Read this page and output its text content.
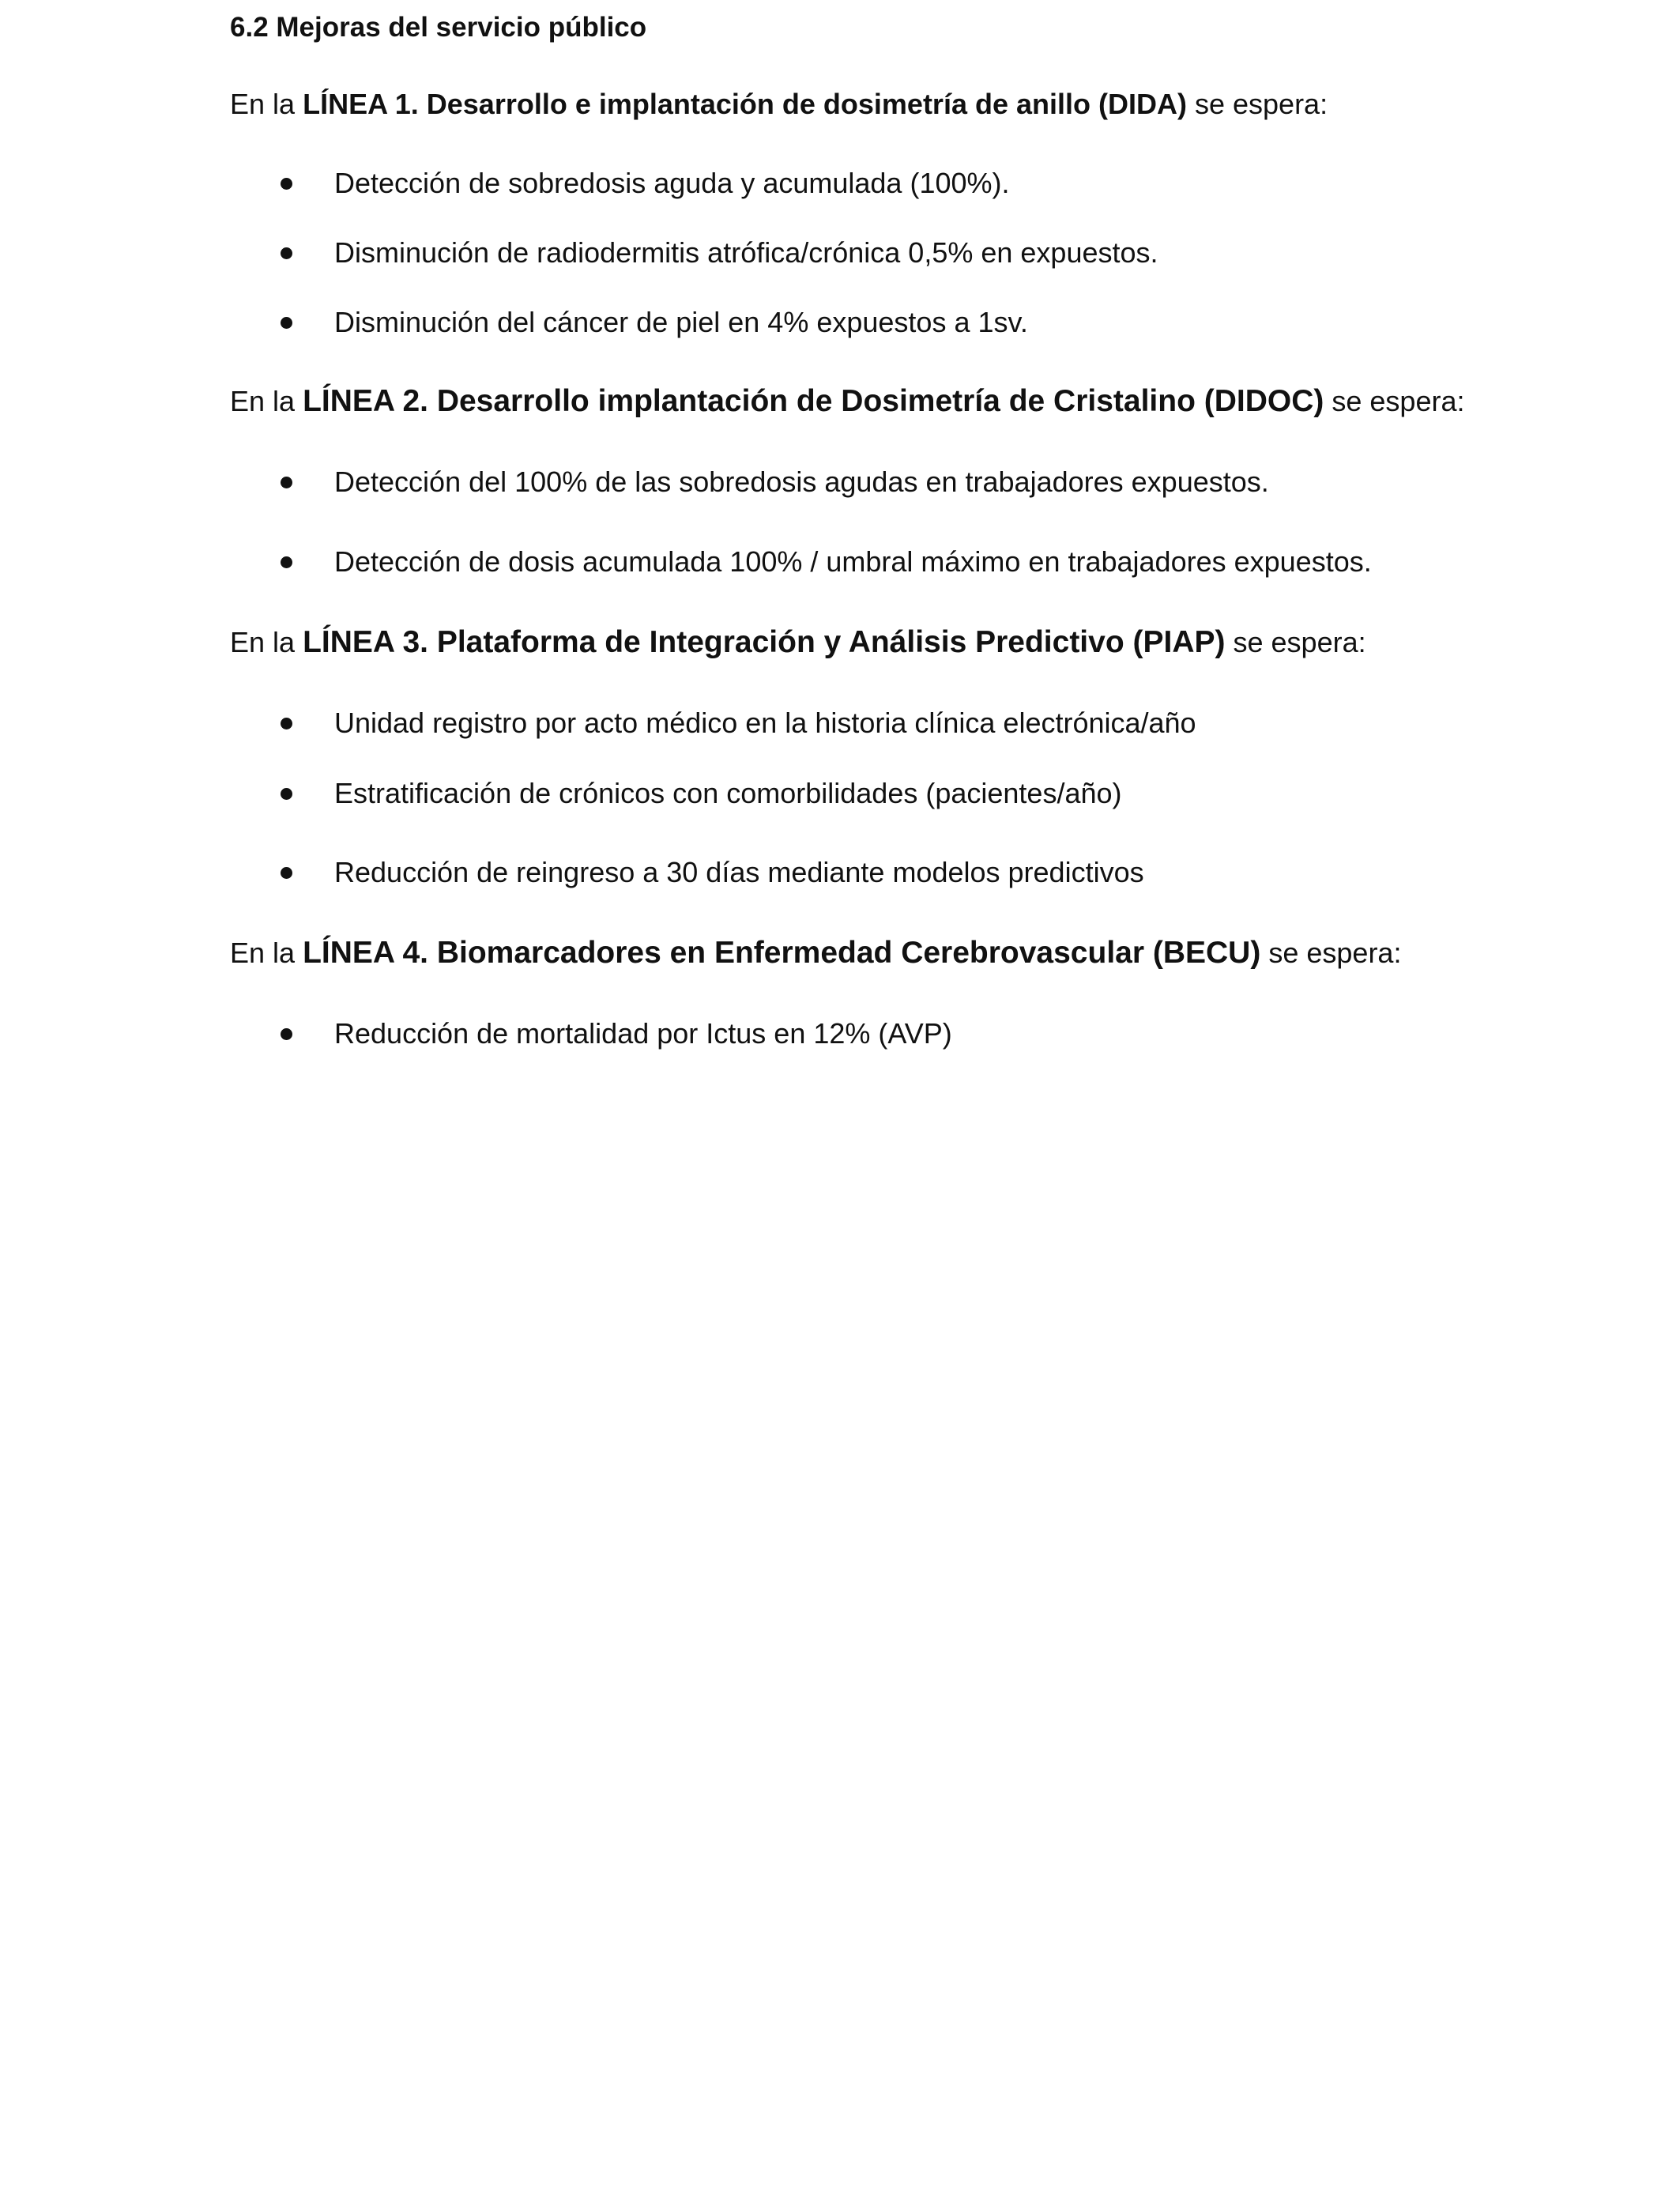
6.2 Mejoras del servicio público
En la LÍNEA 1. Desarrollo e implantación de dosimetría de anillo (DIDA) se espera:
Detección de sobredosis aguda y acumulada (100%).
Disminución de radiodermitis atrófica/crónica 0,5% en expuestos.
Disminución del cáncer de piel en 4% expuestos a 1sv.
En la LÍNEA 2. Desarrollo implantación de Dosimetría de Cristalino (DIDOC) se espera:
Detección del 100% de las sobredosis agudas en trabajadores expuestos.
Detección de dosis acumulada 100% / umbral máximo en trabajadores expuestos.
En la LÍNEA 3. Plataforma de Integración y Análisis Predictivo (PIAP) se espera:
Unidad registro por acto médico en la historia clínica electrónica/año
Estratificación de crónicos con comorbilidades (pacientes/año)
Reducción de reingreso a 30 días mediante modelos predictivos
En la LÍNEA 4. Biomarcadores en Enfermedad Cerebrovascular (BECU) se espera:
Reducción de mortalidad por Ictus en 12% (AVP)
